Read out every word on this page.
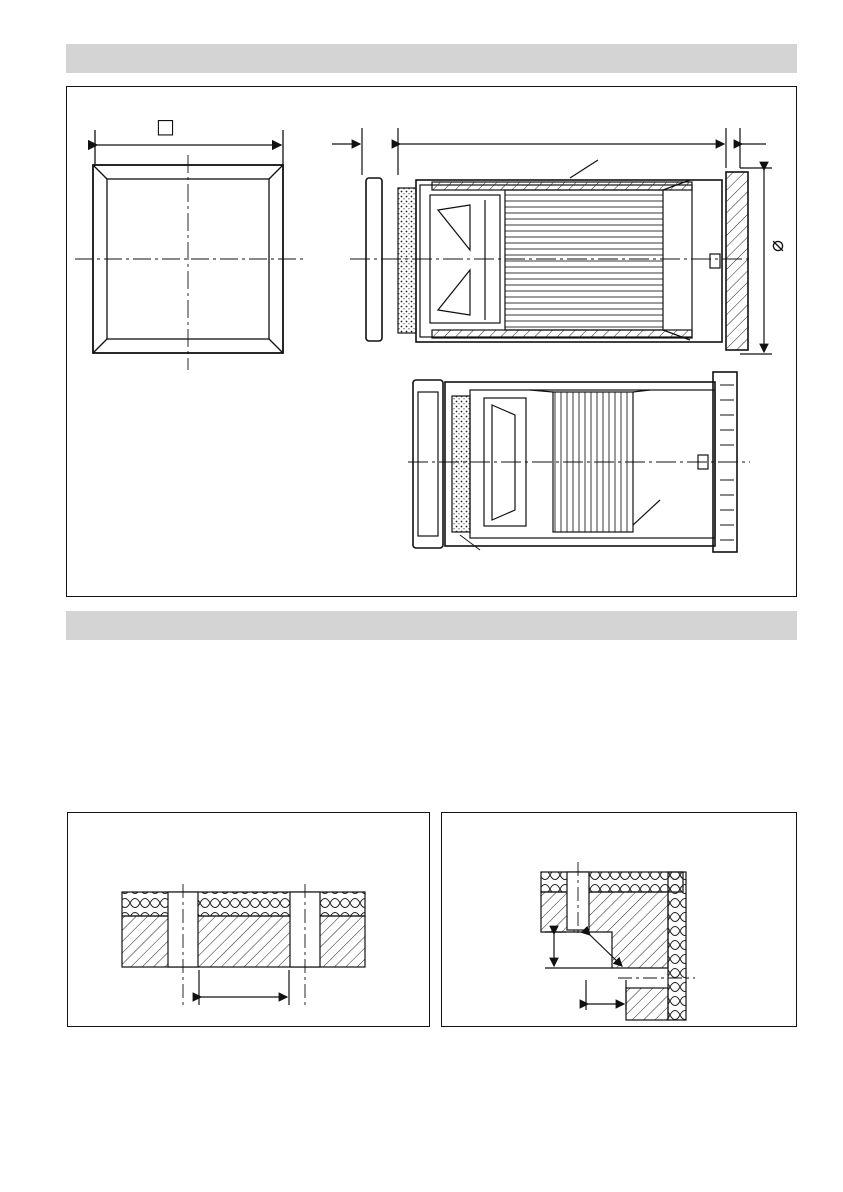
□
⌀
